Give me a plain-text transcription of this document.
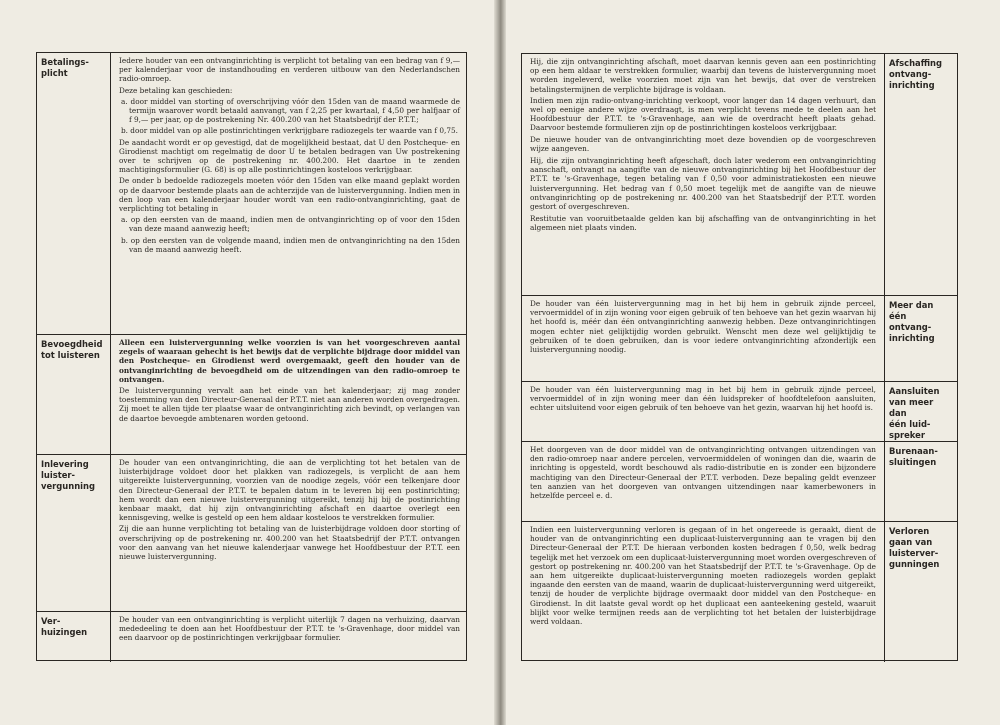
Betalings-
plicht

Iedere houder van een ontvanginrichting is verplicht tot betaling van een bedrag van f 9,— per kalenderjaar voor de instandhouding en verderen uitbouw van den Nederlandschen radio-omroep.

Deze betaling kan geschieden:

a. door middel van storting of overschrijving vóór den 15den van de maand waarmede de termijn waarover wordt betaald aanvangt, van f 2,25 per kwartaal, f 4,50 per halfjaar of f 9,— per jaar, op de postrekening Nr. 400.200 van het Staatsbedrijf der P.T.T.;

b. door middel van op alle postinrichtingen verkrijgbare radiozegels ter waarde van f 0,75.

De aandacht wordt er op gevestigd, dat de mogelijkheid bestaat, dat U den Postcheque- en Girodienst machtigt om regelmatig de door U te betalen bedragen van Uw postrekening over te schrijven op de postrekening nr. 400.200. Het daartoe in te zenden machtigingsformulier (G. 68) is op alle postinrichtingen kosteloos verkrijgbaar.

De onder b bedoelde radiozegels moeten vóór den 15den van elke maand geplakt worden op de daarvoor bestemde plaats aan de achterzijde van de luistervergunning. Indien men in den loop van een kalenderjaar houder wordt van een radio-ontvanginrichting, gaat de verplichting tot betaling in

a. op den eersten van de maand, indien men de ontvanginrichting op of voor den 15den van deze maand aanwezig heeft;

b. op den eersten van de volgende maand, indien men de ontvanginrichting na den 15den van de maand aanwezig heeft.

Bevoegdheid
tot luisteren

Alleen een luistervergunning welke voorzien is van het voorgeschreven aantal zegels of waaraan gehecht is het bewijs dat de verplichte bijdrage door middel van den Postcheque- en Girodienst werd overgemaakt, geeft den houder van de ontvanginrichting de bevoegdheid om de uitzendingen van den radio-omroep te ontvangen.

De luistervergunning vervalt aan het einde van het kalenderjaar; zij mag zonder toestemming van den Directeur-Generaal der P.T.T. niet aan anderen worden overgedragen. Zij moet te allen tijde ter plaatse waar de ontvanginrichting zich bevindt, op verlangen van de daartoe bevoegde ambtenaren worden getoond.

Inlevering
luister-
vergunning

De houder van een ontvanginrichting, die aan de verplichting tot het betalen van de luisterbijdrage voldoet door het plakken van radiozegels, is verplicht de aan hem uitgereikte luistervergunning, voorzien van de noodige zegels, vóór een telkenjare door den Directeur-Generaal der P.T.T. te bepalen datum in te leveren bij een postinrichting; hem wordt dan een nieuwe luistervergunning uitgereikt, tenzij hij bij de postinrichting kenbaar maakt, dat hij zijn ontvanginrichting afschaft en daartoe overlegt een kennisgeving, welke is gesteld op een hem aldaar kosteloos te verstrekken formulier.

Zij die aan hunne verplichting tot betaling van de luisterbijdrage voldoen door storting of overschrijving op de postrekening nr. 400.200 van het Staatsbedrijf der P.T.T. ontvangen voor den aanvang van het nieuwe kalenderjaar vanwege het Hoofdbestuur der P.T.T. een nieuwe luistervergunning.

Ver-
huizingen

De houder van een ontvanginrichting is verplicht uiterlijk 7 dagen na verhuizing, daarvan mededeeling te doen aan het Hoofdbestuur der P.T.T. te 's-Gravenhage, door middel van een daarvoor op de postinrichtingen verkrijgbaar formulier.

Hij, die zijn ontvanginrichting afschaft, moet daarvan kennis geven aan een postinrichting op een hem aldaar te verstrekken formulier, waarbij dan tevens de luistervergunning moet worden ingeleverd, welke voorzien moet zijn van het bewijs, dat over de verstreken betalingstermijnen de verplichte bijdrage is voldaan.

Indien men zijn radio-ontvang-inrichting verkoopt, voor langer dan 14 dagen verhuurt, dan wel op eenige andere wijze overdraagt, is men verplicht tevens mede te deelen aan het Hoofdbestuur der P.T.T. te 's-Gravenhage, aan wie de overdracht heeft plaats gehad. Daarvoor bestemde formulieren zijn op de postinrichtingen kosteloos verkrijgbaar.

De nieuwe houder van de ontvanginrichting moet deze bovendien op de voorgeschreven wijze aangeven.

Hij, die zijn ontvanginrichting heeft afgeschaft, doch later wederom een ontvanginrichting aanschaft, ontvangt na aangifte van de nieuwe ontvanginrichting bij het Hoofdbestuur der P.T.T. te 's-Gravenhage, tegen betaling van f 0,50 voor administratiekosten een nieuwe luistervergunning. Het bedrag van f 0,50 moet tegelijk met de aangifte van de nieuwe ontvanginrichting op de postrekening nr. 400.200 van het Staatsbedrijf der P.T.T. worden gestort of overgeschreven.

Restitutie van vooruitbetaalde gelden kan bij afschaffing van de ontvanginrichting in het algemeen niet plaats vinden.

Afschaffing
ontvang-
inrichting

De houder van één luistervergunning mag in het bij hem in gebruik zijnde perceel, vervoermiddel of in zijn woning voor eigen gebruik of ten behoeve van het gezin waarvan hij het hoofd is, méér dan één ontvanginrichting aanwezig hebben. Deze ontvanginrichtingen mogen echter niet gelijktijdig worden gebruikt. Wenscht men deze wel gelijktijdig te gebruiken of te doen gebruiken, dan is voor iedere ontvanginrichting afzonderlijk een luistervergunning noodig.

Meer dan één
ontvang-
inrichting

De houder van één luistervergunning mag in het bij hem in gebruik zijnde perceel, vervoermiddel of in zijn woning meer dan één luidspreker of hoofdtelefoon aansluiten, echter uitsluitend voor eigen gebruik of ten behoeve van het gezin, waarvan hij het hoofd is.

Aansluiten
van meer dan
één luid-
spreker

Het doorgeven van de door middel van de ontvanginrichting ontvangen uitzendingen van den radio-omroep naar andere percelen, vervoermiddelen of woningen dan die, waarin de inrichting is opgesteld, wordt beschouwd als radio-distributie en is zonder een bijzondere machtiging van den Directeur-Generaal der P.T.T. verboden. Deze bepaling geldt evenzeer ten aanzien van het doorgeven van ontvangen uitzendingen naar kamerbewoners in hetzelfde perceel e. d.

Burenaan-
sluitingen

Indien een luistervergunning verloren is gegaan of in het ongereede is geraakt, dient de houder van de ontvanginrichting een duplicaat-luistervergunning aan te vragen bij den Directeur-Generaal der P.T.T. De hieraan verbonden kosten bedragen f 0,50, welk bedrag tegelijk met het verzoek om een duplicaat-luistervergunning moet worden overgeschreven of gestort op postrekening nr. 400.200 van het Staatsbedrijf der P.T.T. te 's-Gravenhage. Op de aan hem uitgereikte duplicaat-luistervergunning moeten radiozegels worden geplakt ingaande den eersten van de maand, waarin de duplicaat-luistervergunning werd uitgereikt, tenzij de houder de verplichte bijdrage overmaakt door middel van den Postcheque- en Girodienst. In dit laatste geval wordt op het duplicaat een aanteekening gesteld, waaruit blijkt voor welke termijnen reeds aan de verplichting tot het betalen der luisterbijdrage werd voldaan.

Verloren
gaan van
luisterver-
gunningen
